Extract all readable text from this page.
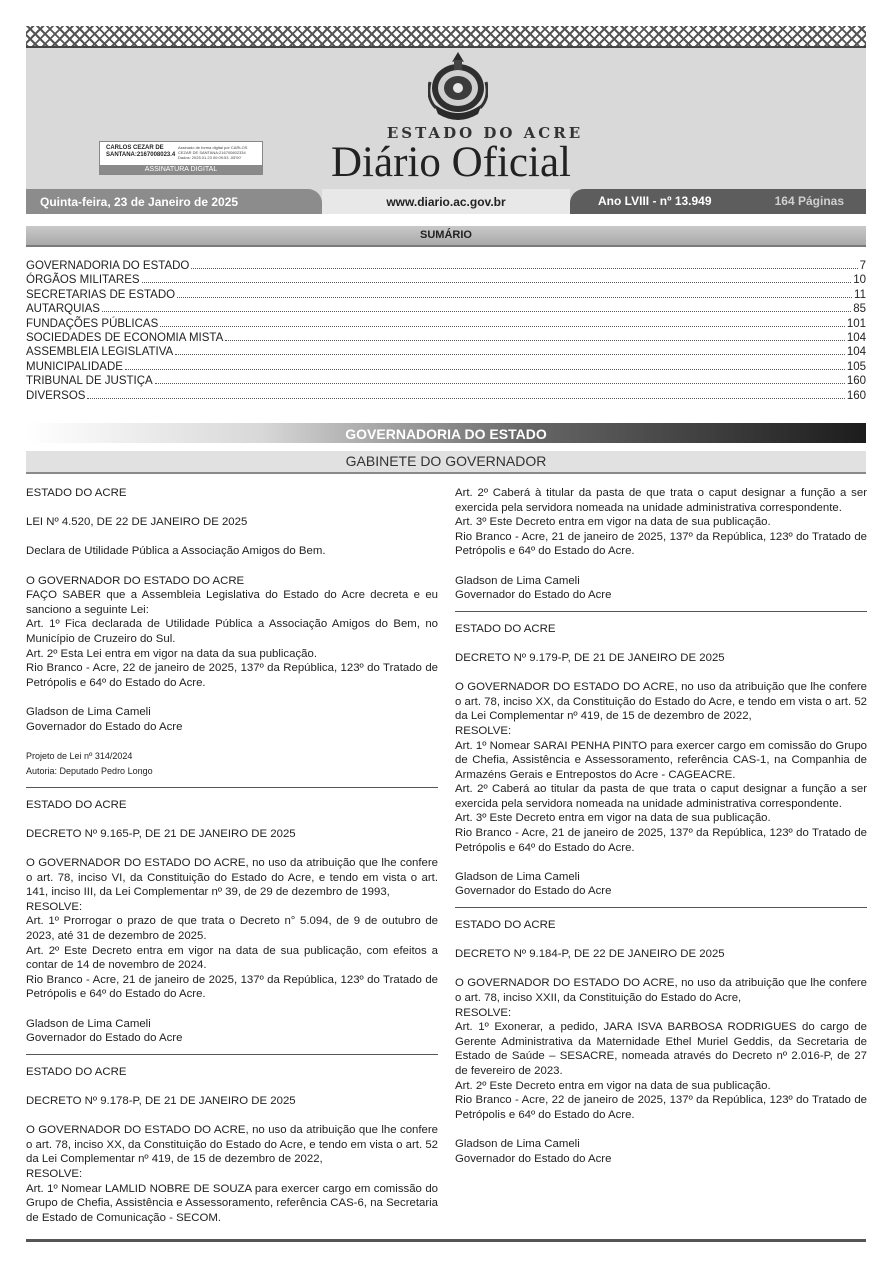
ESTADO DO ACRE
Diário Oficial
CARLOS CEZAR DE SANTANA:2167008023.4
Assinado de forma digital por CARLOS CEZAR DE SANTANA:216700802334 Dados: 2025.01.23 00:09:53 -05'00'
ASSINATURA DIGITAL
Quinta-feira, 23 de Janeiro de 2025	www.diario.ac.gov.br	Ano LVIII - nº 13.949	164 Páginas
SUMÁRIO
GOVERNADORIA DO ESTADO	7
ÓRGÃOS MILITARES	10
SECRETARIAS DE ESTADO	11
AUTARQUIAS	85
FUNDAÇÕES PÚBLICAS	101
SOCIEDADES DE ECONOMIA MISTA	104
ASSEMBLEIA LEGISLATIVA	104
MUNICIPALIDADE	105
TRIBUNAL DE JUSTIÇA	160
DIVERSOS	160
GOVERNADORIA DO ESTADO
GABINETE DO GOVERNADOR

ESTADO DO ACRE

LEI Nº 4.520, DE 22 DE JANEIRO DE 2025

Declara de Utilidade Pública a Associação Amigos do Bem.

O GOVERNADOR DO ESTADO DO ACRE

FAÇO SABER que a Assembleia Legislativa do Estado do Acre decreta e eu sanciono a seguinte Lei:

Art. 1º Fica declarada de Utilidade Pública a Associação Amigos do Bem, no Município de Cruzeiro do Sul.

Art. 2º Esta Lei entra em vigor na data da sua publicação.

Rio Branco - Acre, 22 de janeiro de 2025, 137º da República, 123º do Tratado de Petrópolis e 64º do Estado do Acre.

Gladson de Lima Cameli

Governador do Estado do Acre

Projeto de Lei nº 314/2024

Autoria: Deputado Pedro Longo

ESTADO DO ACRE

DECRETO Nº 9.165-P, DE 21 DE JANEIRO DE 2025

O GOVERNADOR DO ESTADO DO ACRE, no uso da atribuição que lhe confere o art. 78, inciso VI, da Constituição do Estado do Acre, e tendo em vista o art. 141, inciso III, da Lei Complementar nº 39, de 29 de dezembro de 1993,

RESOLVE:

Art. 1º Prorrogar o prazo de que trata o Decreto n° 5.094, de 9 de outubro de 2023, até 31 de dezembro de 2025.

Art. 2º Este Decreto entra em vigor na data de sua publicação, com efeitos a contar de 14 de novembro de 2024.

Rio Branco - Acre, 21 de janeiro de 2025, 137º da República, 123º do Tratado de Petrópolis e 64º do Estado do Acre.

Gladson de Lima Cameli

Governador do Estado do Acre

ESTADO DO ACRE

DECRETO Nº 9.178-P, DE 21 DE JANEIRO DE 2025

O GOVERNADOR DO ESTADO DO ACRE, no uso da atribuição que lhe confere o art. 78, inciso XX, da Constituição do Estado do Acre, e tendo em vista o art. 52 da Lei Complementar nº 419, de 15 de dezembro de 2022,

RESOLVE:

Art. 1º Nomear LAMLID NOBRE DE SOUZA para exercer cargo em comissão do Grupo de Chefia, Assistência e Assessoramento, referência CAS-6, na Secretaria de Estado de Comunicação - SECOM.

Art. 2º Caberá à titular da pasta de que trata o caput designar a função a ser exercida pela servidora nomeada na unidade administrativa correspondente.

Art. 3º Este Decreto entra em vigor na data de sua publicação.

Rio Branco - Acre, 21 de janeiro de 2025, 137º da República, 123º do Tratado de Petrópolis e 64º do Estado do Acre.

Gladson de Lima Cameli

Governador do Estado do Acre

ESTADO DO ACRE

DECRETO Nº 9.179-P, DE 21 DE JANEIRO DE 2025

O GOVERNADOR DO ESTADO DO ACRE, no uso da atribuição que lhe confere o art. 78, inciso XX, da Constituição do Estado do Acre, e tendo em vista o art. 52 da Lei Complementar nº 419, de 15 de dezembro de 2022,

RESOLVE:

Art. 1º Nomear SARAI PENHA PINTO para exercer cargo em comissão do Grupo de Chefia, Assistência e Assessoramento, referência CAS-1, na Companhia de Armazéns Gerais e Entrepostos do Acre - CAGEACRE.

Art. 2º Caberá ao titular da pasta de que trata o caput designar a função a ser exercida pela servidora nomeada na unidade administrativa correspondente.

Art. 3º Este Decreto entra em vigor na data de sua publicação.

Rio Branco - Acre, 21 de janeiro de 2025, 137º da República, 123º do Tratado de Petrópolis e 64º do Estado do Acre.

Gladson de Lima Cameli

Governador do Estado do Acre

ESTADO DO ACRE

DECRETO Nº 9.184-P, DE 22 DE JANEIRO DE 2025

O GOVERNADOR DO ESTADO DO ACRE, no uso da atribuição que lhe confere o art. 78, inciso XXII, da Constituição do Estado do Acre,

RESOLVE:

Art. 1º Exonerar, a pedido, JARA ISVA BARBOSA RODRIGUES do cargo de Gerente Administrativa da Maternidade Ethel Muriel Geddis, da Secretaria de Estado de Saúde – SESACRE, nomeada através do Decreto nº 2.016-P, de 27 de fevereiro de 2023.

Art. 2º Este Decreto entra em vigor na data de sua publicação.

Rio Branco - Acre, 22 de janeiro de 2025, 137º da República, 123º do Tratado de Petrópolis e 64º do Estado do Acre.

Gladson de Lima Cameli

Governador do Estado do Acre
